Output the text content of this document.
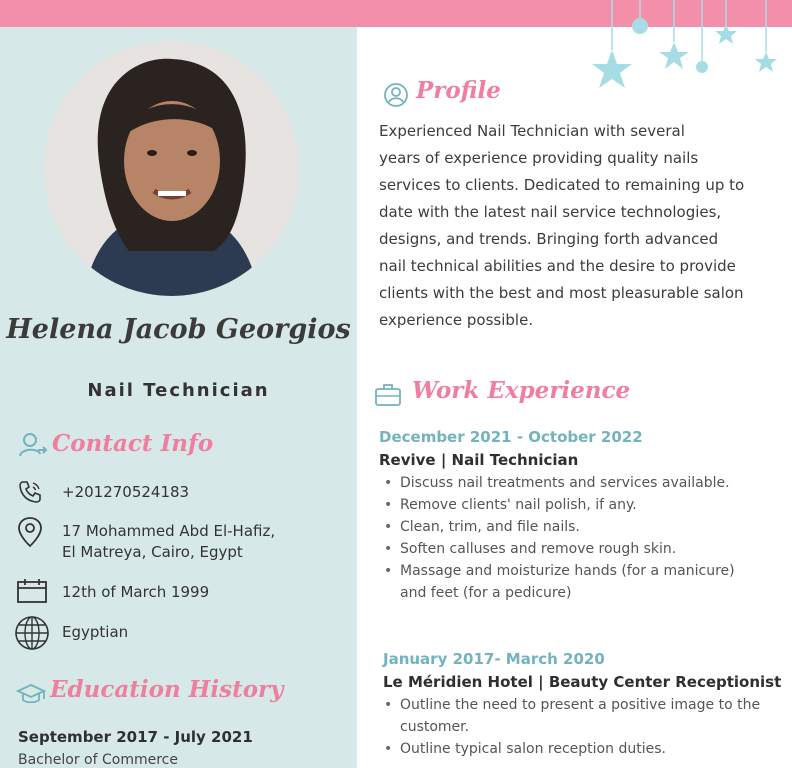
Helena Jacob Georgios
Nail Technician
Contact Info
+201270524183
17 Mohammed Abd El-Hafiz,
El Matreya, Cairo, Egypt
12th of March 1999
Egyptian
Education History
September 2017 - July 2021
Bachelor of Commerce
Profile
Experienced Nail Technician with several
years of experience providing quality nails
services to clients. Dedicated to remaining up to
date with the latest nail service technologies,
designs, and trends. Bringing forth advanced
nail technical abilities and the desire to provide
clients with the best and most pleasurable salon
experience possible.
Work Experience
December 2021 - October 2022
Revive | Nail Technician
• Discuss nail treatments and services available.
• Remove clients' nail polish, if any.
• Clean, trim, and file nails.
• Soften calluses and remove rough skin.
• Massage and moisturize hands (for a manicure)
and feet (for a pedicure)
January 2017- March 2020
Le Méridien Hotel | Beauty Center Receptionist
• Outline the need to present a positive image to the
customer.
• Outline typical salon reception duties.
